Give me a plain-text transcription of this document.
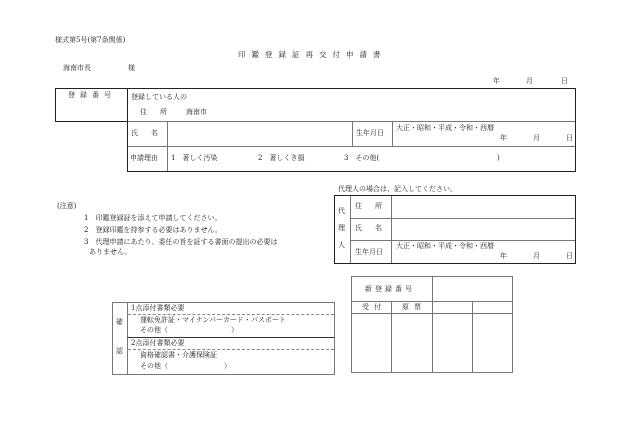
様式第5号(第7条関係)
印鑑登録証再交付申請書
海南市長	様
年	月	日
登録番号 登録している人の
住　所 海南市
氏　名	生年月日
大正・昭和・平成・令和・西暦
年	月	日
申請理由 1　著しく汚染	2　著しくき損	3　その他(	)
(注意)
1　印鑑登録証を添えて申請してください。
2　登録印鑑を持参する必要はありません。
3　代理申請にあたり、委任の旨を証する書面の提出の必要は
ありません。
代理人の場合は、記入してください。
代
理
人
住　所
氏　名
生年月日
大正・昭和・平成・令和・西暦
年	月	日
確
認
1点添付書類必要
運転免許証・マイナンバーカード・パスポート
その他（　　　　　　　　　）
2点添付書類必要
資格確認書・介護保険証
その他（　　　　　　　　）
新登録番号
受付 原票
